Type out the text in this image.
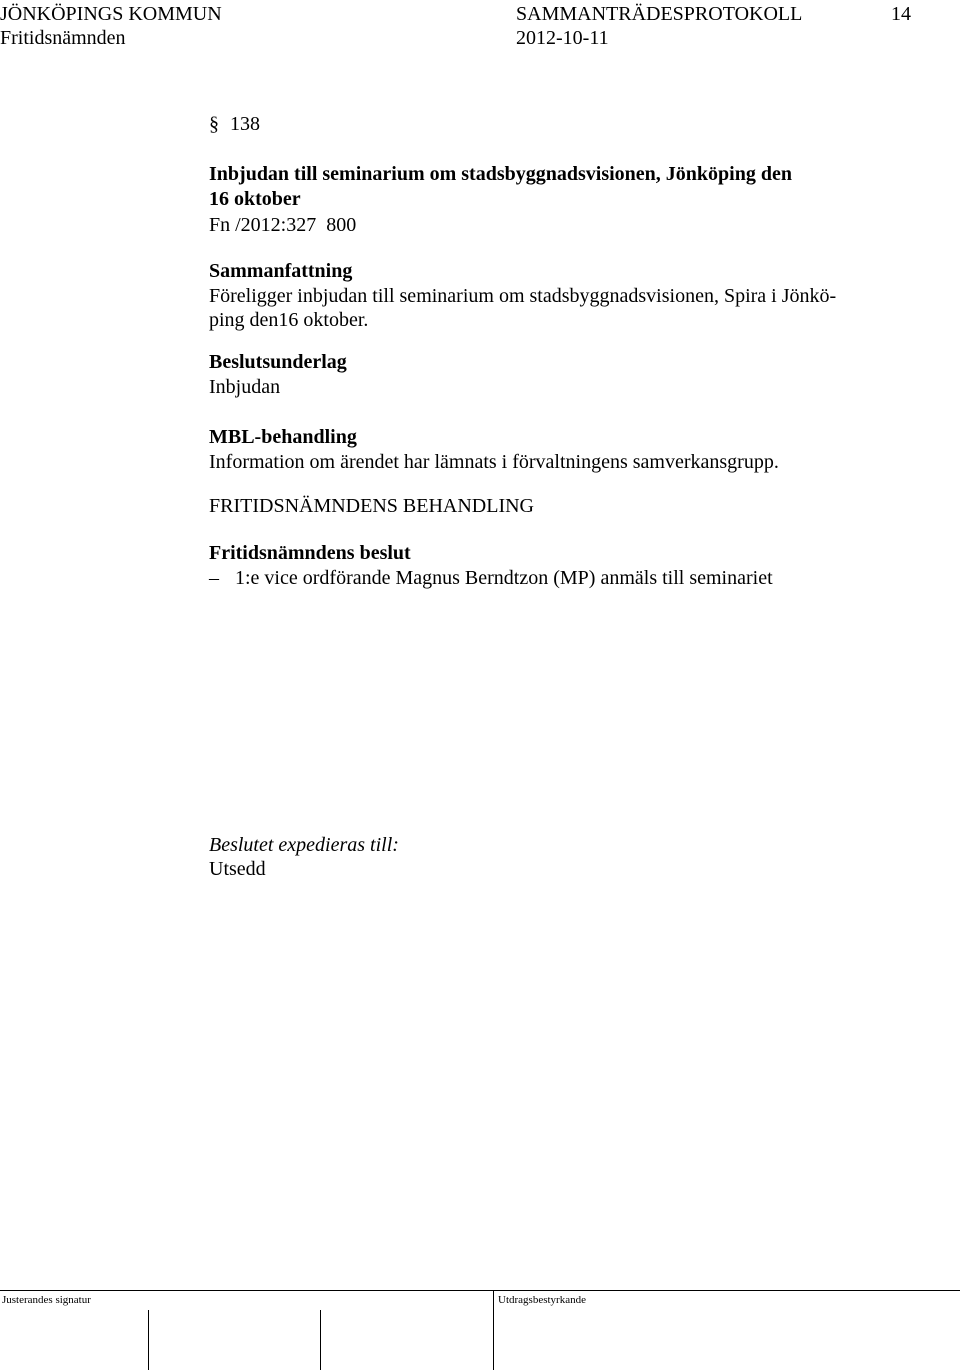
JÖNKÖPINGS KOMMUN
Fritidsnämnden
SAMMANTRÄDESPROTOKOLL
2012-10-11
14
§ 138
Inbjudan till seminarium om stadsbyggnadsvisionen, Jönköping den
16 oktober
Fn /2012:327  800
Sammanfattning
Föreligger inbjudan till seminarium om stadsbyggnadsvisionen, Spira i Jönkö-
ping den16 oktober.
Beslutsunderlag
Inbjudan
MBL-behandling
Information om ärendet har lämnats i förvaltningens samverkansgrupp.
FRITIDSNÄMNDENS BEHANDLING
Fritidsnämndens beslut
– 1:e vice ordförande Magnus Berndtzon (MP) anmäls till seminariet
Beslutet expedieras till:
Utsedd
Justerandes signatur	Utdragsbestyrkande
